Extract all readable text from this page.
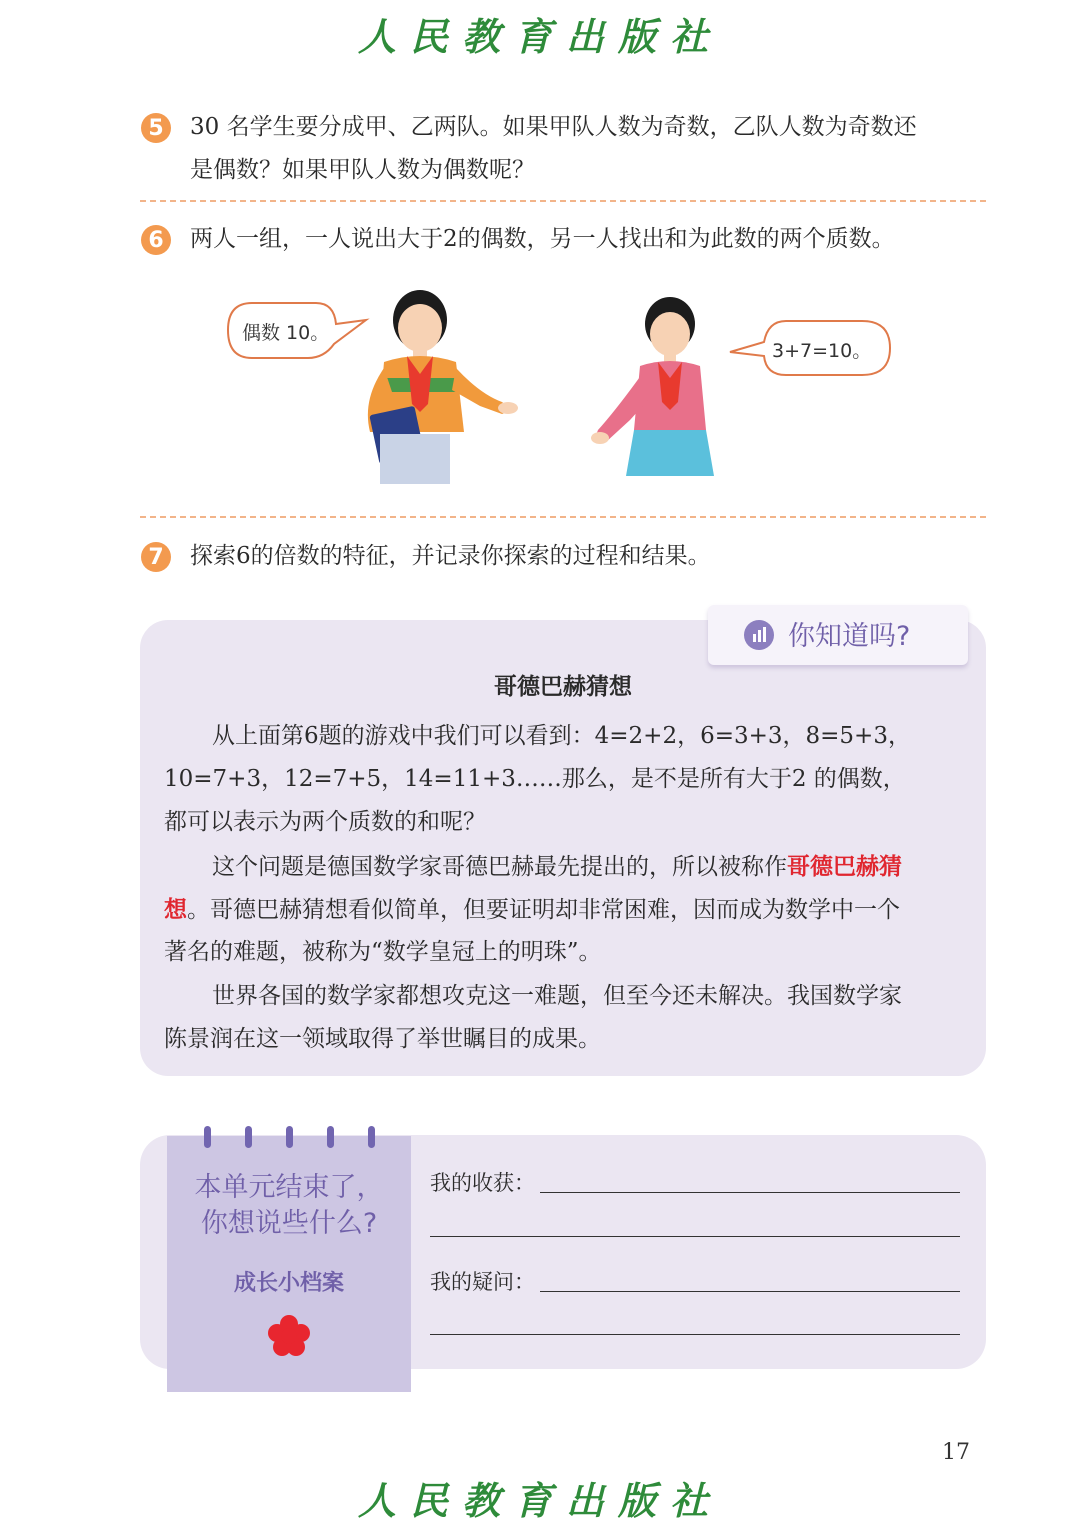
人民教育出版社
5	30 名学生要分成甲、乙两队。如果甲队人数为奇数，乙队人数为奇数还
是偶数？如果甲队人数为偶数呢？
6	两人一组，一人说出大于2的偶数，另一人找出和为此数的两个质数。
偶数 10。
3+7=10。
7	探索6的倍数的特征，并记录你探索的过程和结果。
你知道吗?
哥德巴赫猜想
从上面第6题的游戏中我们可以看到：4=2+2，6=3+3，8=5+3，
10=7+3，12=7+5，14=11+3……那么，是不是所有大于2 的偶数，
都可以表示为两个质数的和呢？
这个问题是德国数学家哥德巴赫最先提出的，所以被称作哥德巴赫猜
想。哥德巴赫猜想看似简单，但要证明却非常困难，因而成为数学中一个
著名的难题，被称为“数学皇冠上的明珠”。
世界各国的数学家都想攻克这一难题，但至今还未解决。我国数学家
陈景润在这一领域取得了举世瞩目的成果。
本单元结束了，
你想说些什么?
成长小档案
我的收获：
我的疑问：
17
人民教育出版社
